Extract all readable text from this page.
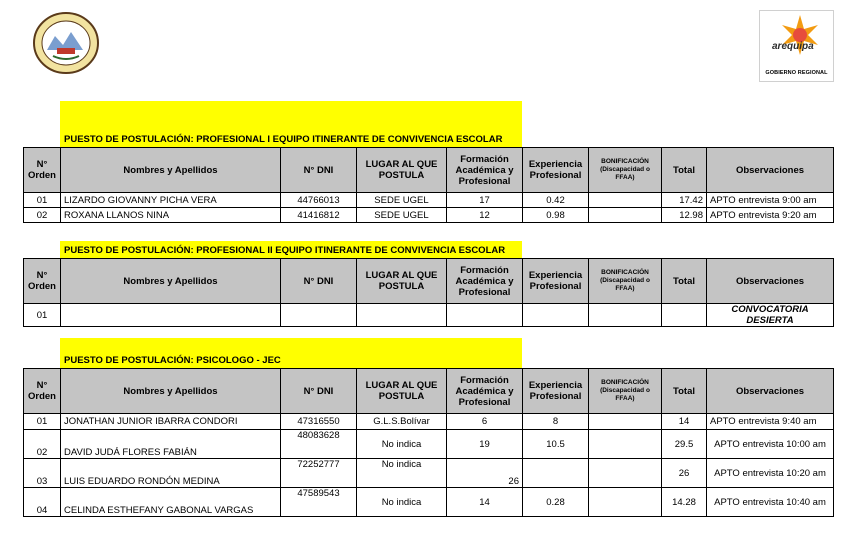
arequipa
GOBIERNO REGIONAL
PUESTO DE POSTULACIÓN: PROFESIONAL I EQUIPO ITINERANTE DE CONVIVENCIA ESCOLAR
N° Orden	Nombres y Apellidos	N° DNI	LUGAR AL QUE POSTULA	Formación Académica y Profesional	Experiencia Profesional	BONIFICACIÓN (Discapacidad o FFAA)	Total	Observaciones
01	LIZARDO GIOVANNY PICHA VERA	44766013	SEDE UGEL	17	0.42		17.42	APTO entrevista 9:00 am
02	ROXANA LLANOS NINA	41416812	SEDE UGEL	12	0.98		12.98	APTO entrevista 9:20 am
PUESTO DE POSTULACIÓN: PROFESIONAL II EQUIPO ITINERANTE DE CONVIVENCIA ESCOLAR
N° Orden	Nombres y Apellidos	N° DNI	LUGAR AL QUE POSTULA	Formación Académica y Profesional	Experiencia Profesional	BONIFICACIÓN (Discapacidad o FFAA)	Total	Observaciones
01								CONVOCATORIA DESIERTA
PUESTO DE POSTULACIÓN: PSICOLOGO - JEC
N° Orden	Nombres y Apellidos	N° DNI	LUGAR AL QUE POSTULA	Formación Académica y Profesional	Experiencia Profesional	BONIFICACIÓN (Discapacidad o FFAA)	Total	Observaciones
01	JONATHAN JUNIOR IBARRA CONDORI	47316550	G.L.S.Bolívar	6	8		14	APTO entrevista 9:40 am
02	DAVID JUDÁ FLORES FABIÁN	48083628	No indica	19	10.5		29.5	APTO entrevista 10:00 am
03	LUIS EDUARDO RONDÓN MEDINA	72252777	No indica	26			26	APTO entrevista 10:20 am
04	CELINDA ESTHEFANY GABONAL VARGAS	47589543	No indica	14	0.28		14.28	APTO entrevista 10:40 am
